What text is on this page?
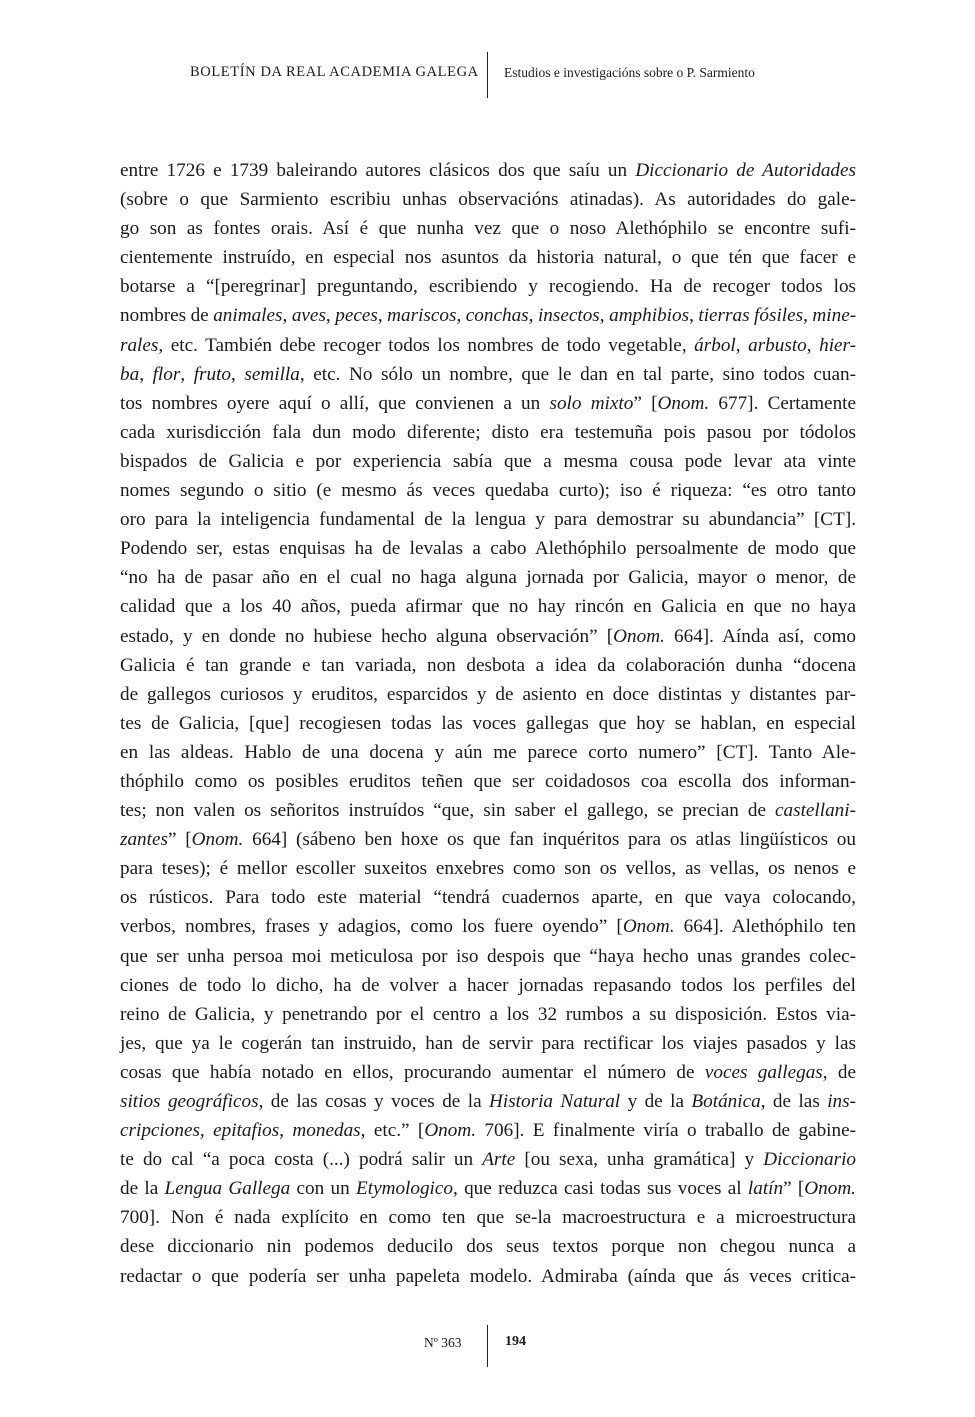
BOLETÍN DA REAL ACADEMIA GALEGA Estudios e investigacións sobre o P. Sarmiento
entre 1726 e 1739 baleirando autores clásicos dos que saíu un Diccionario de Autoridades
(sobre o que Sarmiento escribiu unhas observacións atinadas). As autoridades do gale-
go son as fontes orais. Así é que nunha vez que o noso Alethóphilo se encontre sufi-
cientemente instruído, en especial nos asuntos da historia natural, o que tén que facer e
botarse a “[peregrinar] preguntando, escribiendo y recogiendo. Ha de recoger todos los
nombres de animales, aves, peces, mariscos, conchas, insectos, amphibios, tierras fósiles, mine-
rales, etc. También debe recoger todos los nombres de todo vegetable, árbol, arbusto, hier-
ba, flor, fruto, semilla, etc. No sólo un nombre, que le dan en tal parte, sino todos cuan-
tos nombres oyere aquí o allí, que convienen a un solo mixto” [Onom. 677]. Certamente
cada xurisdicción fala dun modo diferente; disto era testemuña pois pasou por tódolos
bispados de Galicia e por experiencia sabía que a mesma cousa pode levar ata vinte
nomes segundo o sitio (e mesmo ás veces quedaba curto); iso é riqueza: “es otro tanto
oro para la inteligencia fundamental de la lengua y para demostrar su abundancia” [CT].
Podendo ser, estas enquisas ha de levalas a cabo Alethóphilo persoalmente de modo que
“no ha de pasar año en el cual no haga alguna jornada por Galicia, mayor o menor, de
calidad que a los 40 años, pueda afirmar que no hay rincón en Galicia en que no haya
estado, y en donde no hubiese hecho alguna observación” [Onom. 664]. Aínda así, como
Galicia é tan grande e tan variada, non desbota a idea da colaboración dunha “docena
de gallegos curiosos y eruditos, esparcidos y de asiento en doce distintas y distantes par-
tes de Galicia, [que] recogiesen todas las voces gallegas que hoy se hablan, en especial
en las aldeas. Hablo de una docena y aún me parece corto numero” [CT]. Tanto Ale-
thóphilo como os posibles eruditos teñen que ser coidadosos coa escolla dos informan-
tes; non valen os señoritos instruídos “que, sin saber el gallego, se precian de castellani-
zantes” [Onom. 664] (sábeno ben hoxe os que fan inquéritos para os atlas lingüísticos ou
para teses); é mellor escoller suxeitos enxebres como son os vellos, as vellas, os nenos e
os rústicos. Para todo este material “tendrá cuadernos aparte, en que vaya colocando,
verbos, nombres, frases y adagios, como los fuere oyendo” [Onom. 664]. Alethóphilo ten
que ser unha persoa moi meticulosa por iso despois que “haya hecho unas grandes colec-
ciones de todo lo dicho, ha de volver a hacer jornadas repasando todos los perfiles del
reino de Galicia, y penetrando por el centro a los 32 rumbos a su disposición. Estos via-
jes, que ya le cogerán tan instruido, han de servir para rectificar los viajes pasados y las
cosas que había notado en ellos, procurando aumentar el número de voces gallegas, de
sitios geográficos, de las cosas y voces de la Historia Natural y de la Botánica, de las ins-
cripciones, epitafios, monedas, etc.” [Onom. 706]. E finalmente viría o traballo de gabine-
te do cal “a poca costa (...) podrá salir un Arte [ou sexa, unha gramática] y Diccionario
de la Lengua Gallega con un Etymologico, que reduzca casi todas sus voces al latín” [Onom.
700]. Non é nada explícito en como ten que se-la macroestructura e a microestructura
dese diccionario nin podemos deducilo dos seus textos porque non chegou nunca a
redactar o que podería ser unha papeleta modelo. Admiraba (aínda que ás veces critica-
Nº 363	194
